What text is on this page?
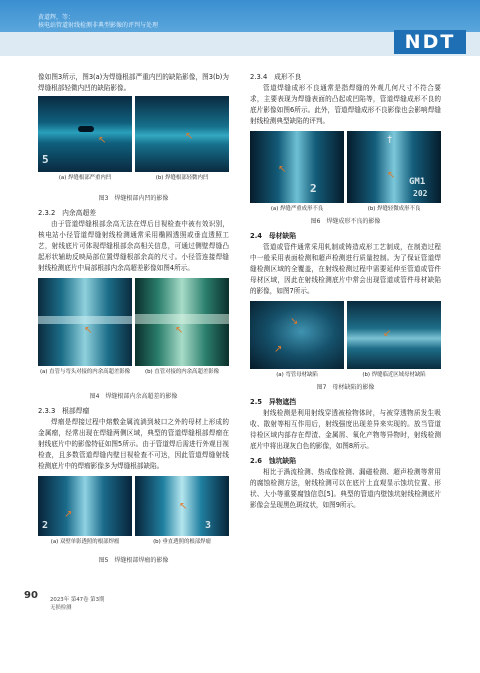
黄道辉，等：
核电站管道射线检测非典型影像的评判与处理
NDT

像如图3所示，图3(a)为焊缝根部严重内凹的缺陷影像，图3(b)为焊缝根部轻微内凹的缺陷影像。

↖
5
↖
(a) 焊缝根部严重内凹	(b) 焊缝根部轻微内凹
图3　焊缝根部内凹的影像
2.3.2　内余高超差

由于管道焊缝根部余高无法在焊后目视检查中被有效识别，核电站小径管道焊缝射线检测通常采用椭圆透照或垂直透照工艺，射线底片可体现焊缝根部余高相关信息，可通过侧壁焊缝凸起形状辅助反映局部位置焊缝根部余高的尺寸。小径管连接焊缝射线检测底片中局部根部内余高超差影像如图4所示。

↖	↖
(a) 直管与弯头对接的内余高超差影像	(b) 直管对接的内余高超差影像
图4　焊缝根部内余高超差的影像
2.3.3　根部焊瘤

焊瘤是焊接过程中熔敷金属流淌到坡口之外的母材上形成的金属瘤，经常出现在焊缝两侧区域，典型的管道焊缝根部焊瘤在射线底片中的影像特征如图5所示。由于管道焊后需进行外观目视检查，且多数管道焊缝内壁目视检查不可达，因此管道焊缝射线检测底片中的焊瘤影像多为焊缝根部缺陷。

↗
2
↖
3
(a) 双壁单影透照的根部焊瘤	(b) 垂直透照的根部焊瘤
图5　焊缝根部焊瘤的影像
2.3.4　成形不良

管道焊缝成形不良通常是指焊缝的外观几何尺寸不符合要求，主要表现为焊缝表面的凸起或凹陷等，管道焊缝成形不良的底片影像如图6所示。此外，管道焊缝成形不良影像也会影响焊缝射线检测典型缺陷的评判。

↖
2
↖
†
GM1
202
(a) 焊缝严重成形不良	(b) 焊缝轻微成形不良
图6　焊缝成形不良的影像
2.4　母材缺陷

管道或管件通常采用轧制或铸造成形工艺制成，在制造过程中一般采用表面检测和超声检测进行质量控制。为了保证管道焊缝检测区域的全覆盖，在射线检测过程中需要延伸至管道或管件母材区域，因此在射线检测底片中常会出现管道或管件母材缺陷的影像，如图7所示。

↘
↗
↙
(a) 弯管母材缺陷	(b) 焊缝临近区域母材缺陷
图7　母材缺陷的影像
2.5　异物遮挡

射线检测是利用射线穿透被检物体时，与被穿透物质发生吸收、散射等相互作用后，射线强度出现差异来实现的。放当管道待检区域内部存在焊渣、金属屑、氧化产物等异物时，射线检测底片中将出现灰白色的影像，如图8所示。

2.6　蚀坑缺陷

相比于渦流检测、热成像检测、漏磁检测、超声检测等常用的腐蚀检测方法，射线检测可以在底片上直观显示蚀坑位置、形状、大小等重要腐蚀信息[5]。典型的管道内壁蚀坑射线检测底片影像会呈现黑色斑纹状，如图9所示。

90 2023年 第47卷 第3期
无损检测
